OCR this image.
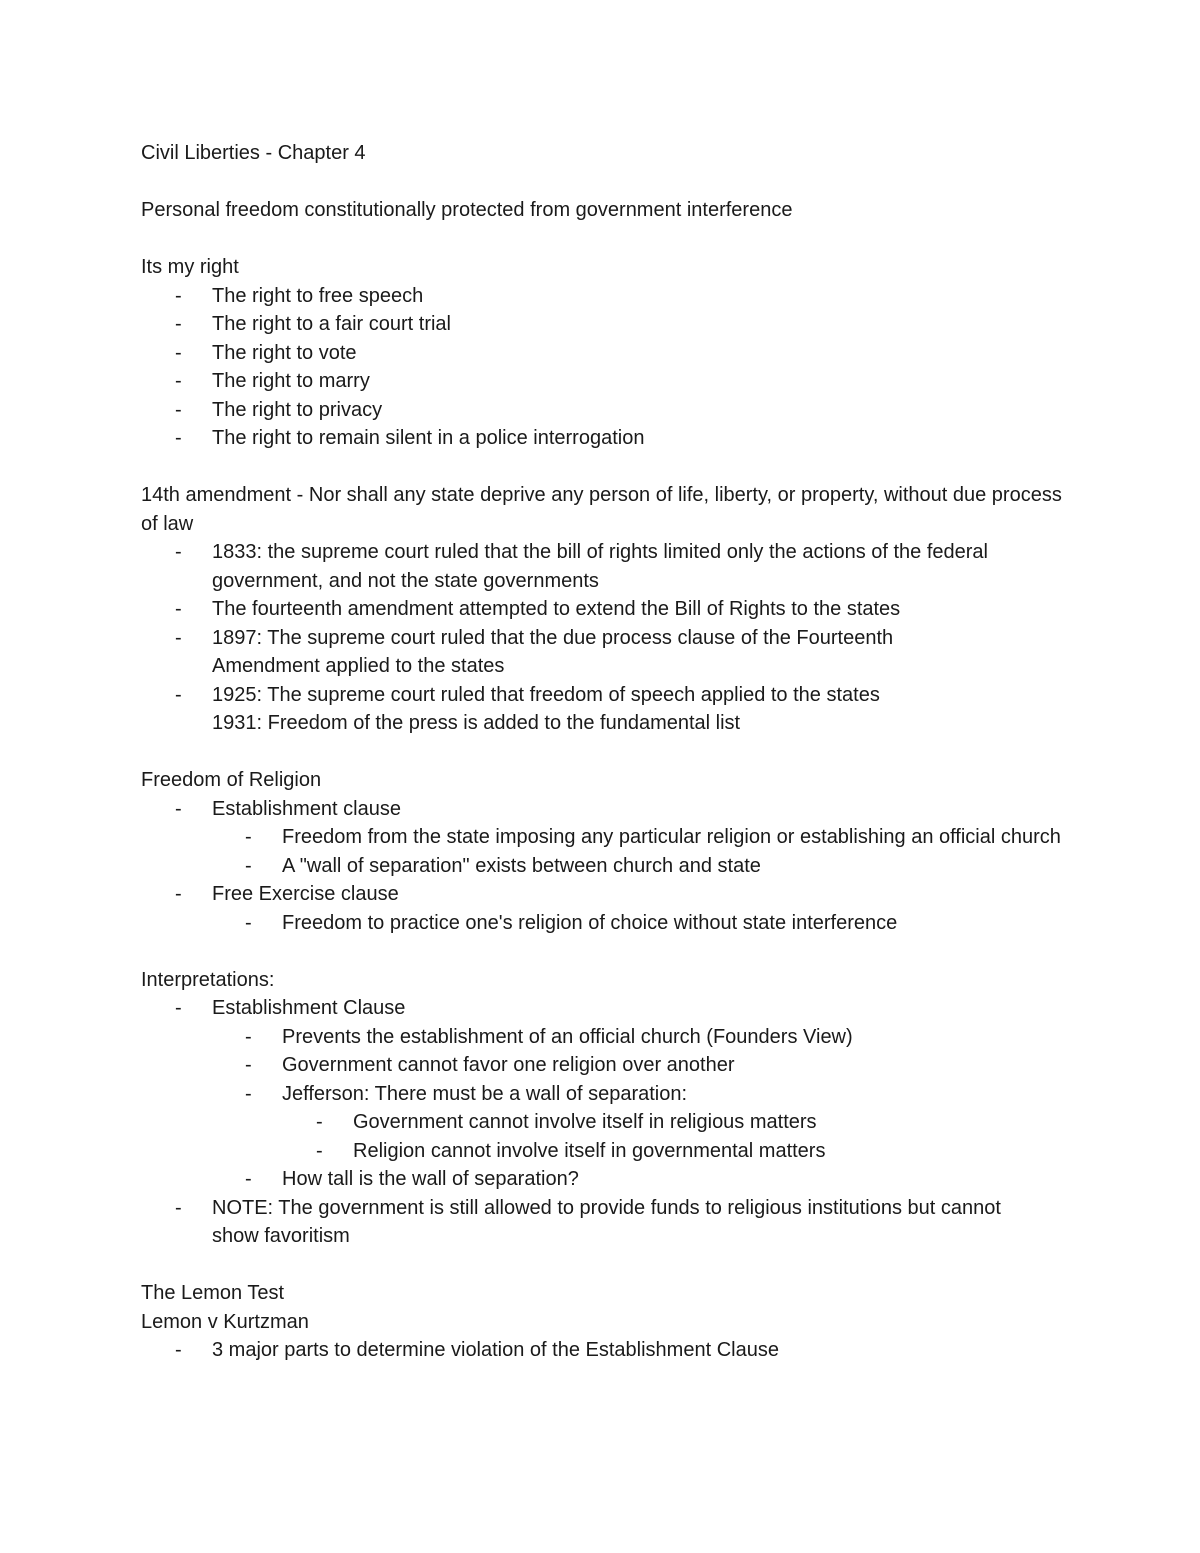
Civil Liberties - Chapter 4
Personal freedom constitutionally protected from government interference
Its my right
- The right to free speech
- The right to a fair court trial
- The right to vote
- The right to marry
- The right to privacy
- The right to remain silent in a police interrogation
14th amendment - Nor shall any state deprive any person of life, liberty, or property, without due process of law
- 1833: the supreme court ruled that the bill of rights limited only the actions of the federal government, and not the state governments
- The fourteenth amendment attempted to extend the Bill of Rights to the states
- 1897: The supreme court ruled that the due process clause of the Fourteenth Amendment applied to the states
- 1925: The supreme court ruled that freedom of speech applied to the states
1931: Freedom of the press is added to the fundamental list
Freedom of Religion
- Establishment clause
- Freedom from the state imposing any particular religion or establishing an official church
- A "wall of separation" exists between church and state
- Free Exercise clause
- Freedom to practice one's religion of choice without state interference
Interpretations:
- Establishment Clause
- Prevents the establishment of an official church (Founders View)
- Government cannot favor one religion over another
- Jefferson: There must be a wall of separation:
- Government cannot involve itself in religious matters
- Religion cannot involve itself in governmental matters
- How tall is the wall of separation?
- NOTE: The government is still allowed to provide funds to religious institutions but cannot show favoritism
The Lemon Test
Lemon v Kurtzman
- 3 major parts to determine violation of the Establishment Clause
